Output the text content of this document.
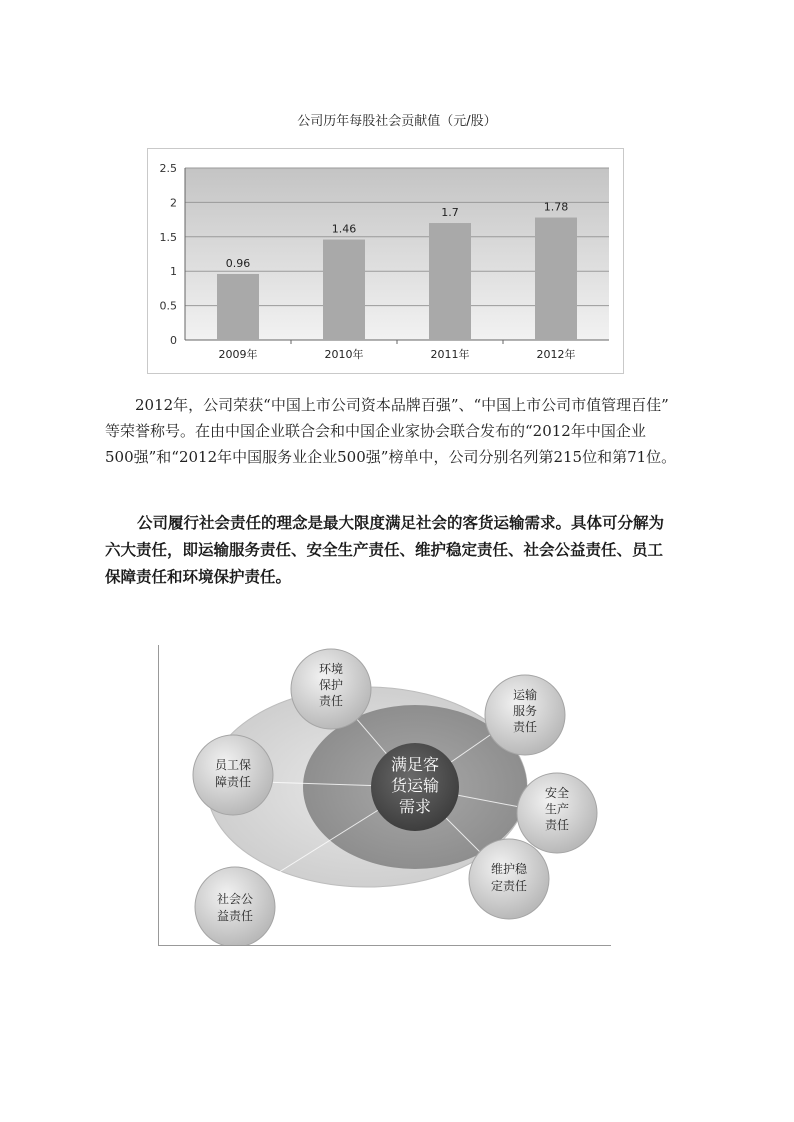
公司历年每股社会贡献值（元/股）
0
0.5
1
1.5
2
2.5
0.96
2009年
1.46
2010年
1.7
2011年
1.78
2012年
2012年，公司荣获“中国上市公司资本品牌百强”、“中国上市公司市值管理百佳”
等荣誉称号。在由中国企业联合会和中国企业家协会联合发布的“2012年中国企业
500强”和“2012年中国服务业企业500强”榜单中，公司分别名列第215位和第71位。
公司履行社会责任的理念是最大限度满足社会的客货运输需求。具体可分解为
六大责任，即运输服务责任、安全生产责任、维护稳定责任、社会公益责任、员工
保障责任和环境保护责任。
满足客
货运输
需求
环境
保护
责任	运输
服务
责任
安全
生产
责任
维护稳
定责任
社会公
益责任
员工保
障责任
